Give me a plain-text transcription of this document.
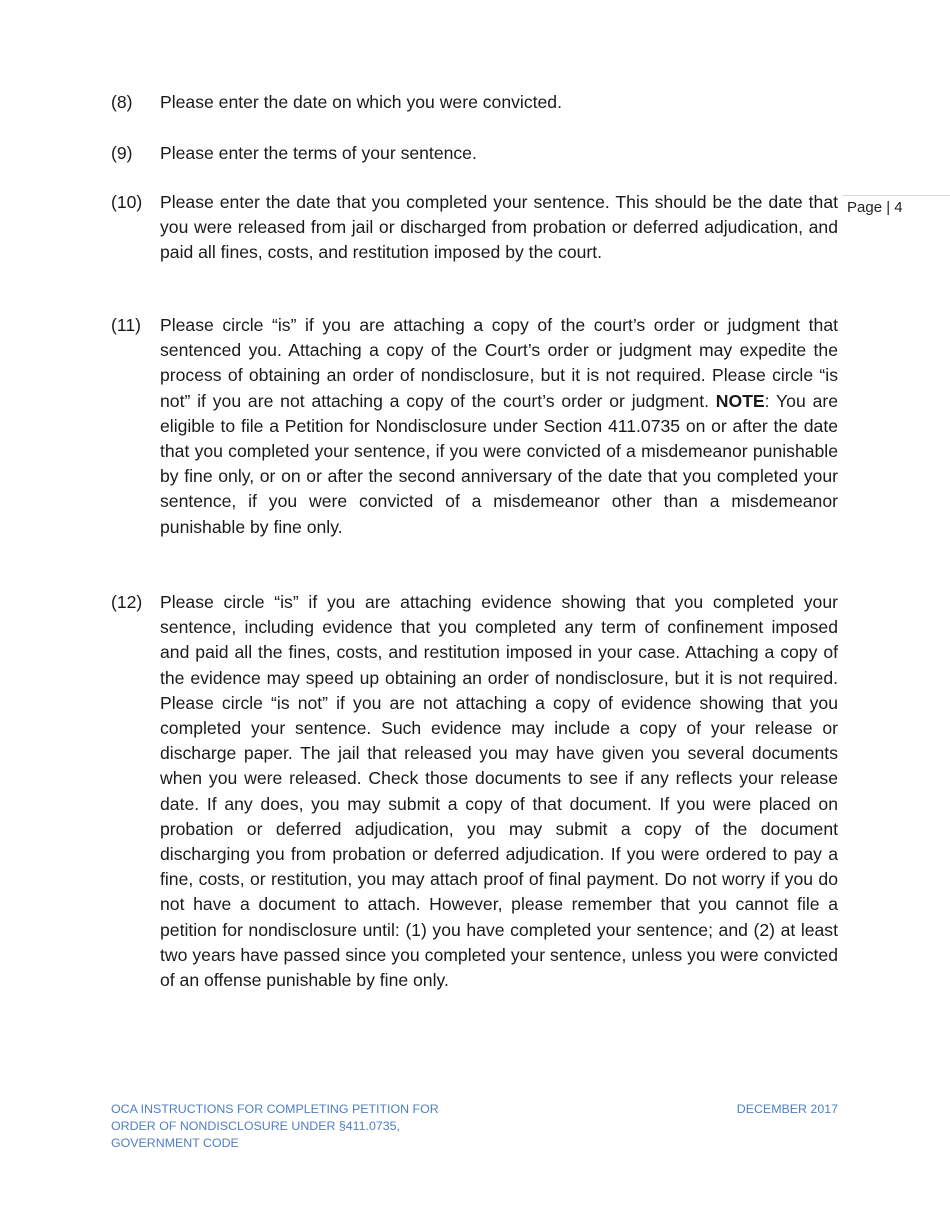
Page | 4
(8)	Please enter the date on which you were convicted.
(9)	Please enter the terms of your sentence.
(10)	Please enter the date that you completed your sentence. This should be the date that you were released from jail or discharged from probation or deferred adjudication, and paid all fines, costs, and restitution imposed by the court.
(11)	Please circle “is” if you are attaching a copy of the court’s order or judgment that sentenced you. Attaching a copy of the Court’s order or judgment may expedite the process of obtaining an order of nondisclosure, but it is not required. Please circle “is not” if you are not attaching a copy of the court’s order or judgment. NOTE: You are eligible to file a Petition for Nondisclosure under Section 411.0735 on or after the date that you completed your sentence, if you were convicted of a misdemeanor punishable by fine only, or on or after the second anniversary of the date that you completed your sentence, if you were convicted of a misdemeanor other than a misdemeanor punishable by fine only.
(12)	Please circle “is” if you are attaching evidence showing that you completed your sentence, including evidence that you completed any term of confinement imposed and paid all the fines, costs, and restitution imposed in your case. Attaching a copy of the evidence may speed up obtaining an order of nondisclosure, but it is not required. Please circle “is not” if you are not attaching a copy of evidence showing that you completed your sentence. Such evidence may include a copy of your release or discharge paper. The jail that released you may have given you several documents when you were released. Check those documents to see if any reflects your release date. If any does, you may submit a copy of that document. If you were placed on probation or deferred adjudication, you may submit a copy of the document discharging you from probation or deferred adjudication. If you were ordered to pay a fine, costs, or restitution, you may attach proof of final payment. Do not worry if you do not have a document to attach. However, please remember that you cannot file a petition for nondisclosure until: (1) you have completed your sentence; and (2) at least two years have passed since you completed your sentence, unless you were convicted of an offense punishable by fine only.
OCA INSTRUCTIONS FOR COMPLETING PETITION FOR ORDER OF NONDISCLOSURE UNDER §411.0735, GOVERNMENT CODE
DECEMBER 2017
